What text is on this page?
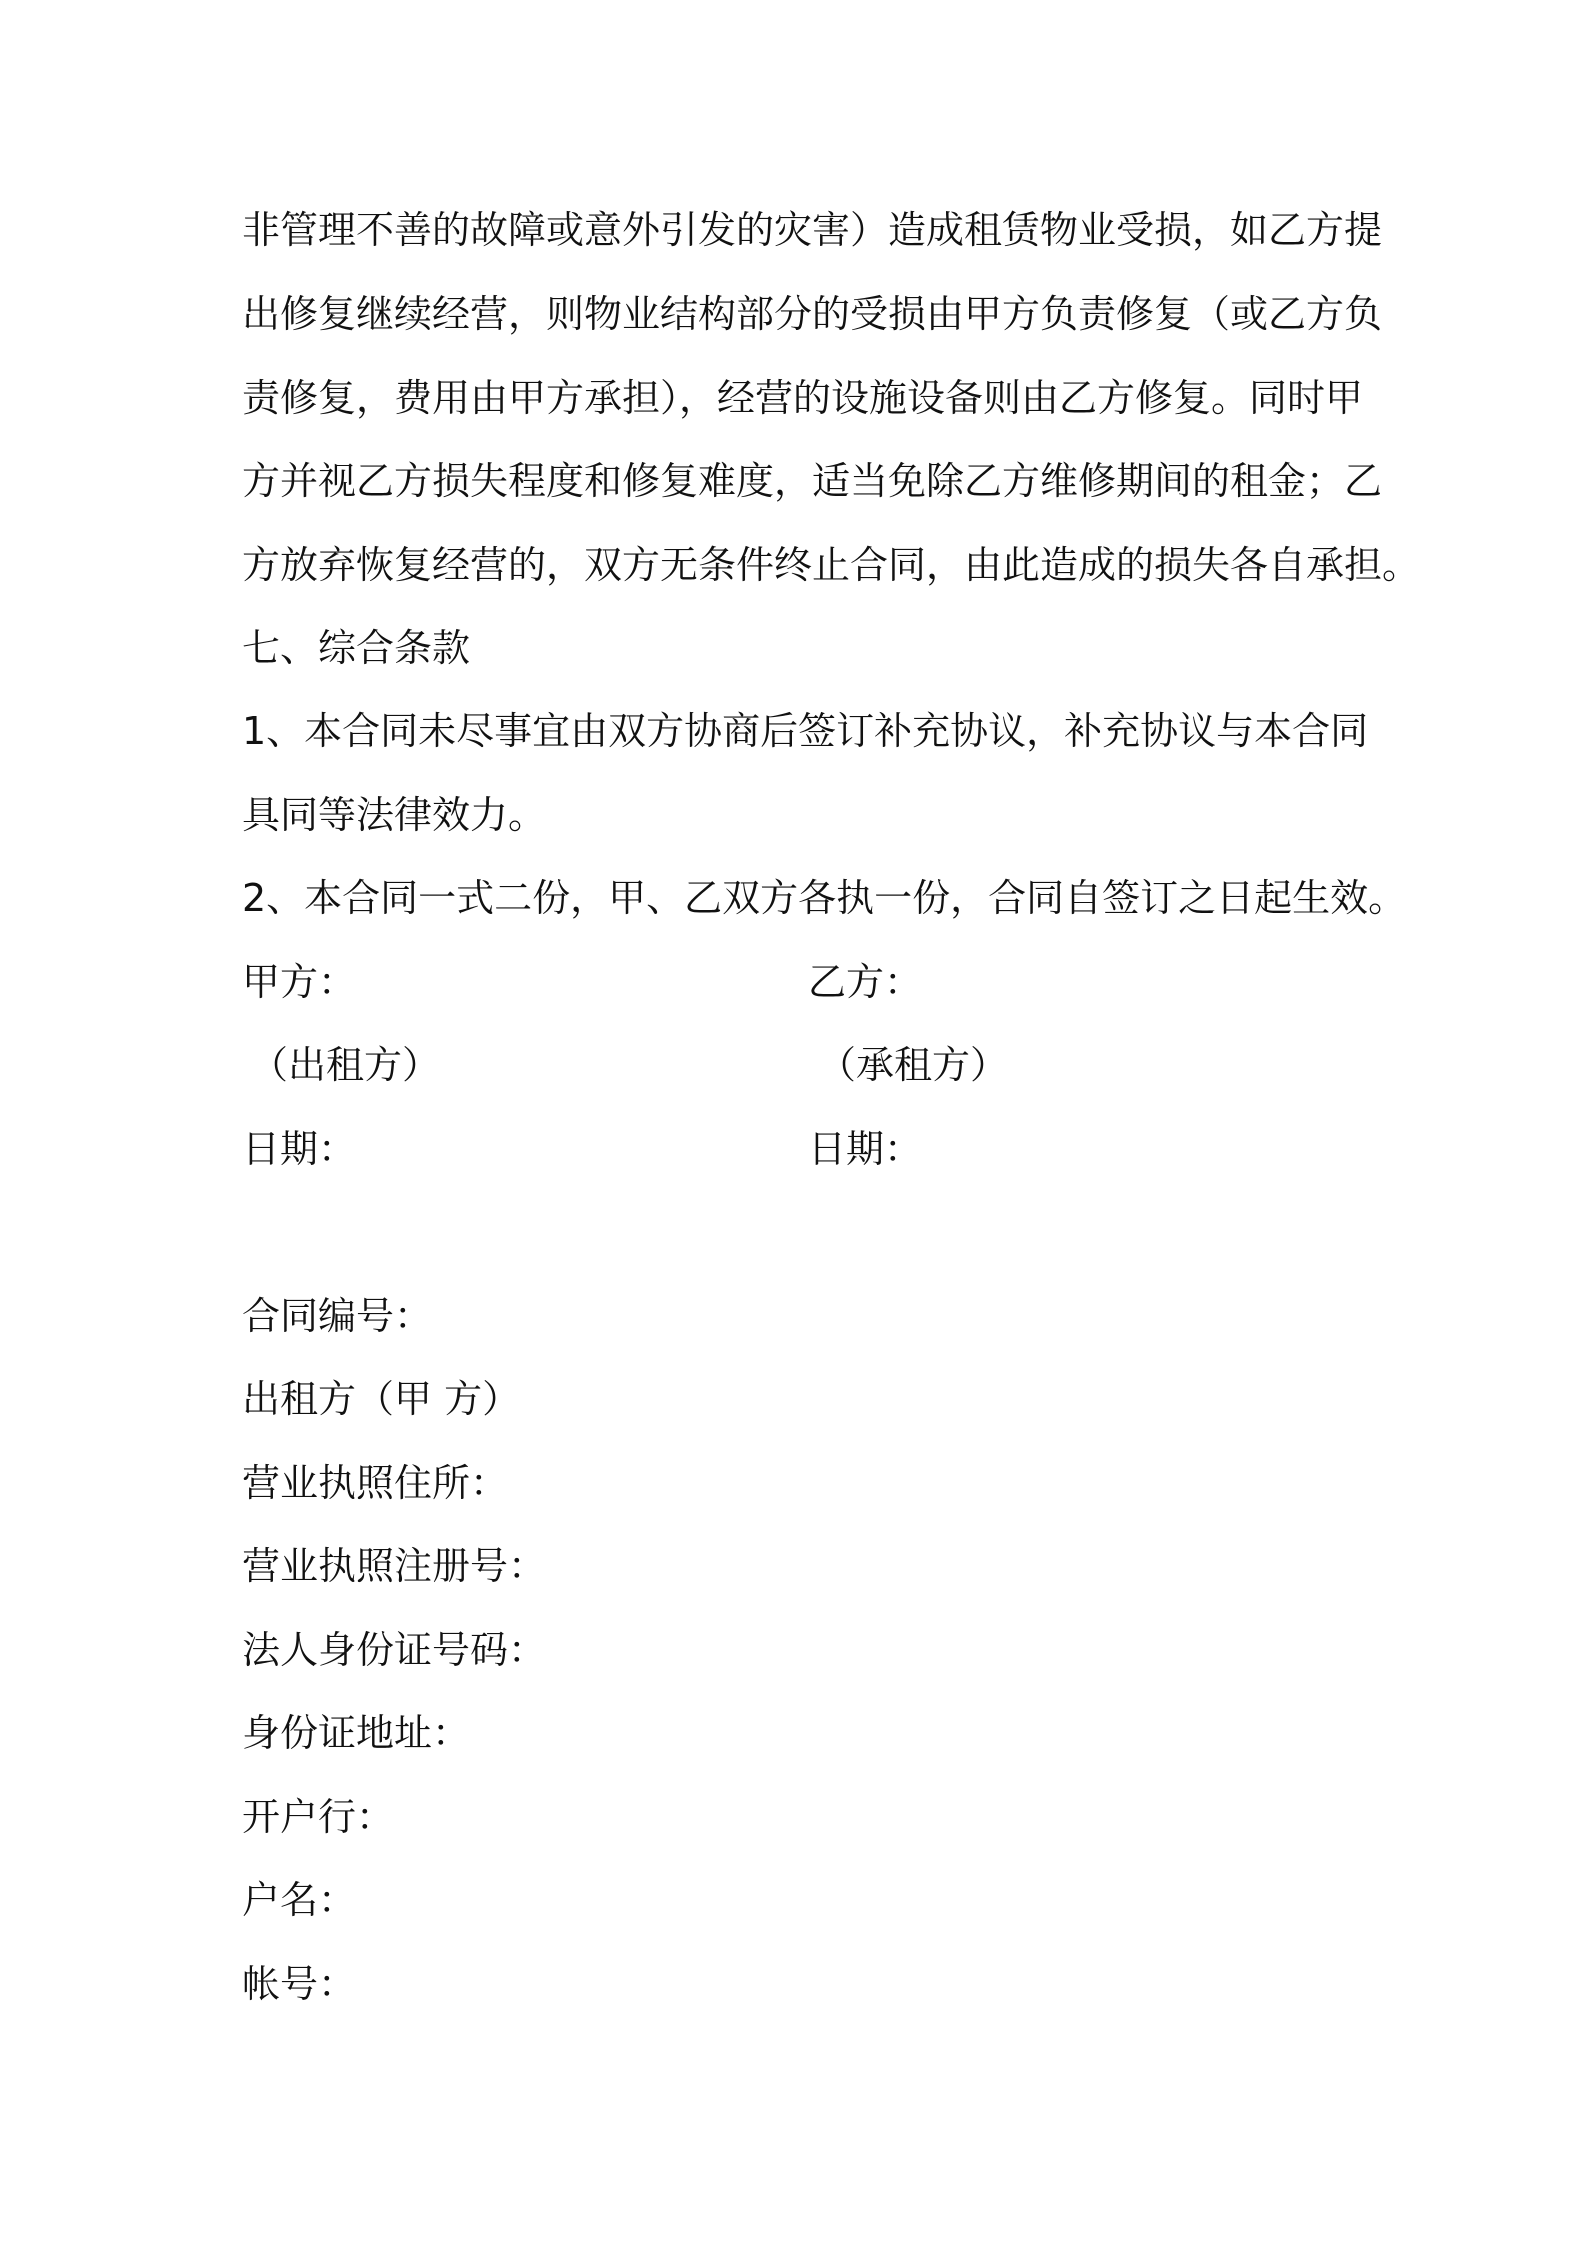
非管理不善的故障或意外引发的灾害）造成租赁物业受损，如乙方提
出修复继续经营，则物业结构部分的受损由甲方负责修复（或乙方负
责修复，费用由甲方承担），经营的设施设备则由乙方修复。同时甲
方并视乙方损失程度和修复难度，适当免除乙方维修期间的租金；乙
方放弃恢复经营的，双方无条件终止合同，由此造成的损失各自承担。
七、综合条款
1、本合同未尽事宜由双方协商后签订补充协议，补充协议与本合同
具同等法律效力。
2、本合同一式二份，甲、乙双方各执一份，合同自签订之日起生效。
甲方：	乙方：
（出租方）	（承租方）
日期：	日期：
合同编号：
出租方（甲 方）
营业执照住所：
营业执照注册号：
法人身份证号码：
身份证地址：
开户行：
户名：
帐号：
